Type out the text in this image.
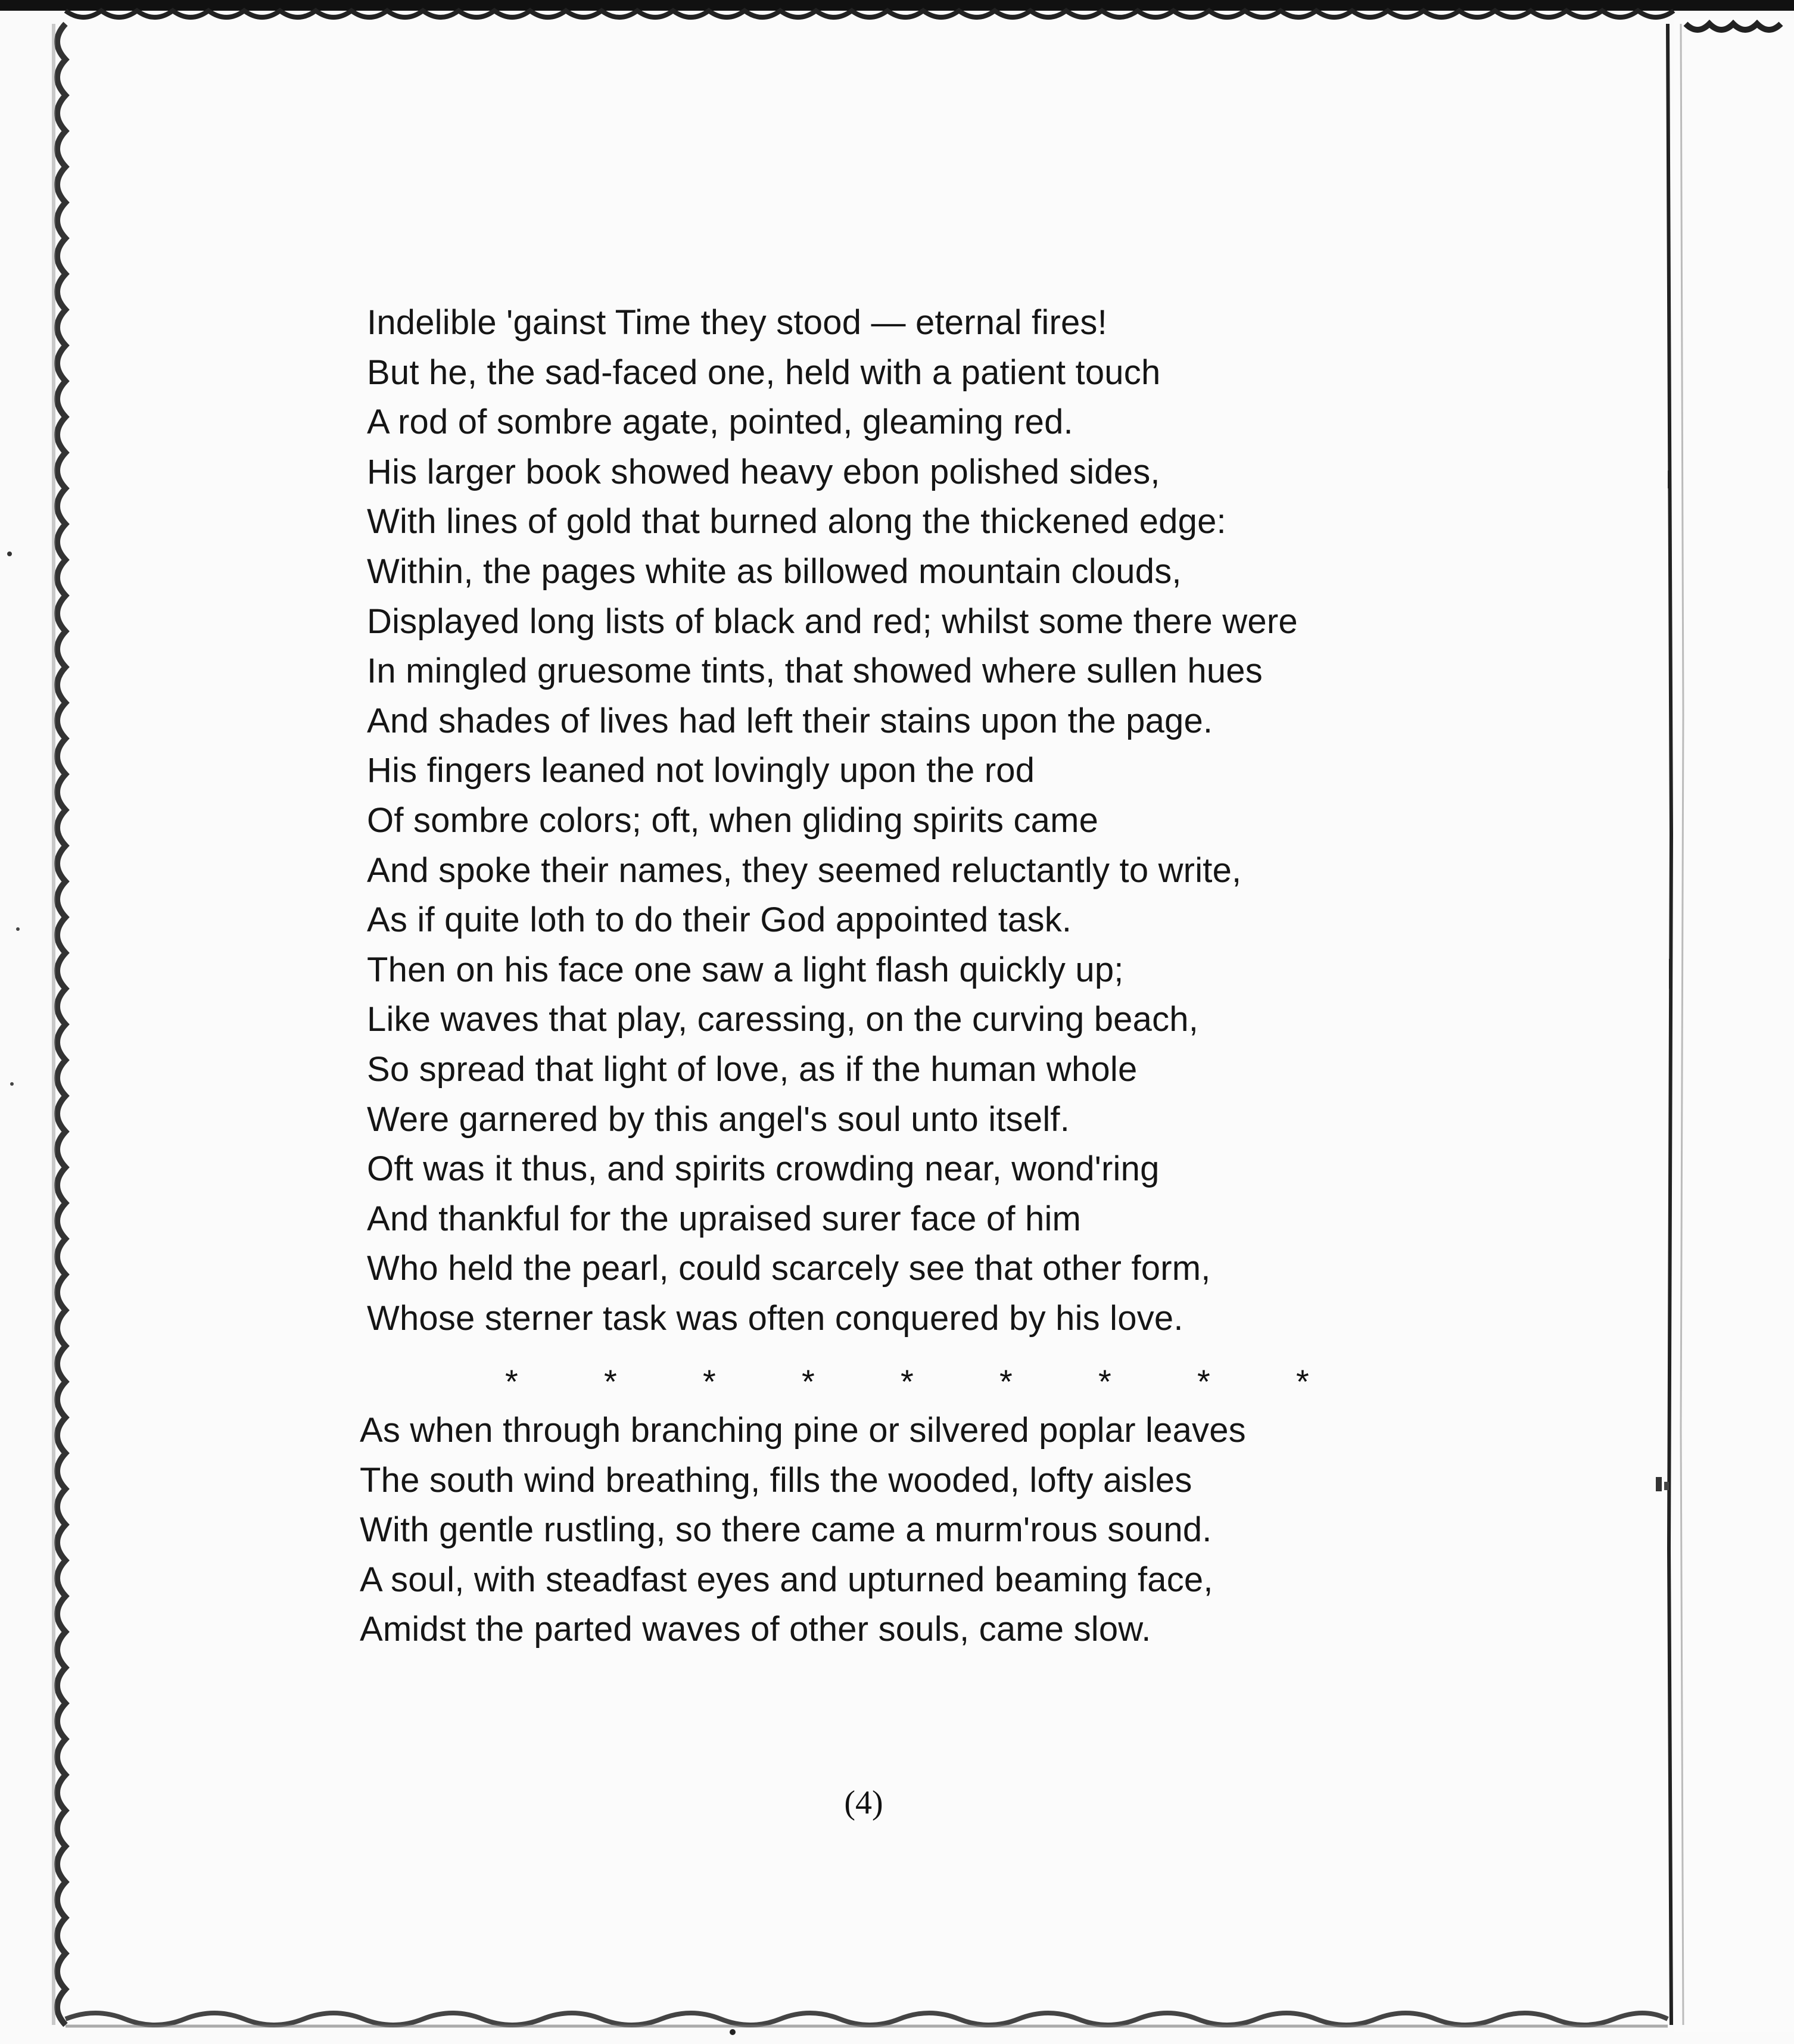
Indelible 'gainst Time they stood — eternal fires!
But he, the sad-faced one, held with a patient touch
A rod of sombre agate, pointed, gleaming red.
His larger book showed heavy ebon polished sides,
With lines of gold that burned along the thickened edge:
Within, the pages white as billowed mountain clouds,
Displayed long lists of black and red; whilst some there were
In mingled gruesome tints, that showed where sullen hues
And shades of lives had left their stains upon the page.
His fingers leaned not lovingly upon the rod
Of sombre colors; oft, when gliding spirits came
And spoke their names, they seemed reluctantly to write,
As if quite loth to do their God appointed task.
Then on his face one saw a light flash quickly up;
Like waves that play, caressing, on the curving beach,
So spread that light of love, as if the human whole
Were garnered by this angel's soul unto itself.
Oft was it thus, and spirits crowding near, wond'ring
And thankful for the upraised surer face of him
Who held the pearl, could scarcely see that other form,
Whose sterner task was often conquered by his love.
*	*	*	*	*	*	*	*	*
As when through branching pine or silvered poplar leaves
The south wind breathing, fills the wooded, lofty aisles
With gentle rustling, so there came a murm'rous sound.
A soul, with steadfast eyes and upturned beaming face,
Amidst the parted waves of other souls, came slow.
(4)
